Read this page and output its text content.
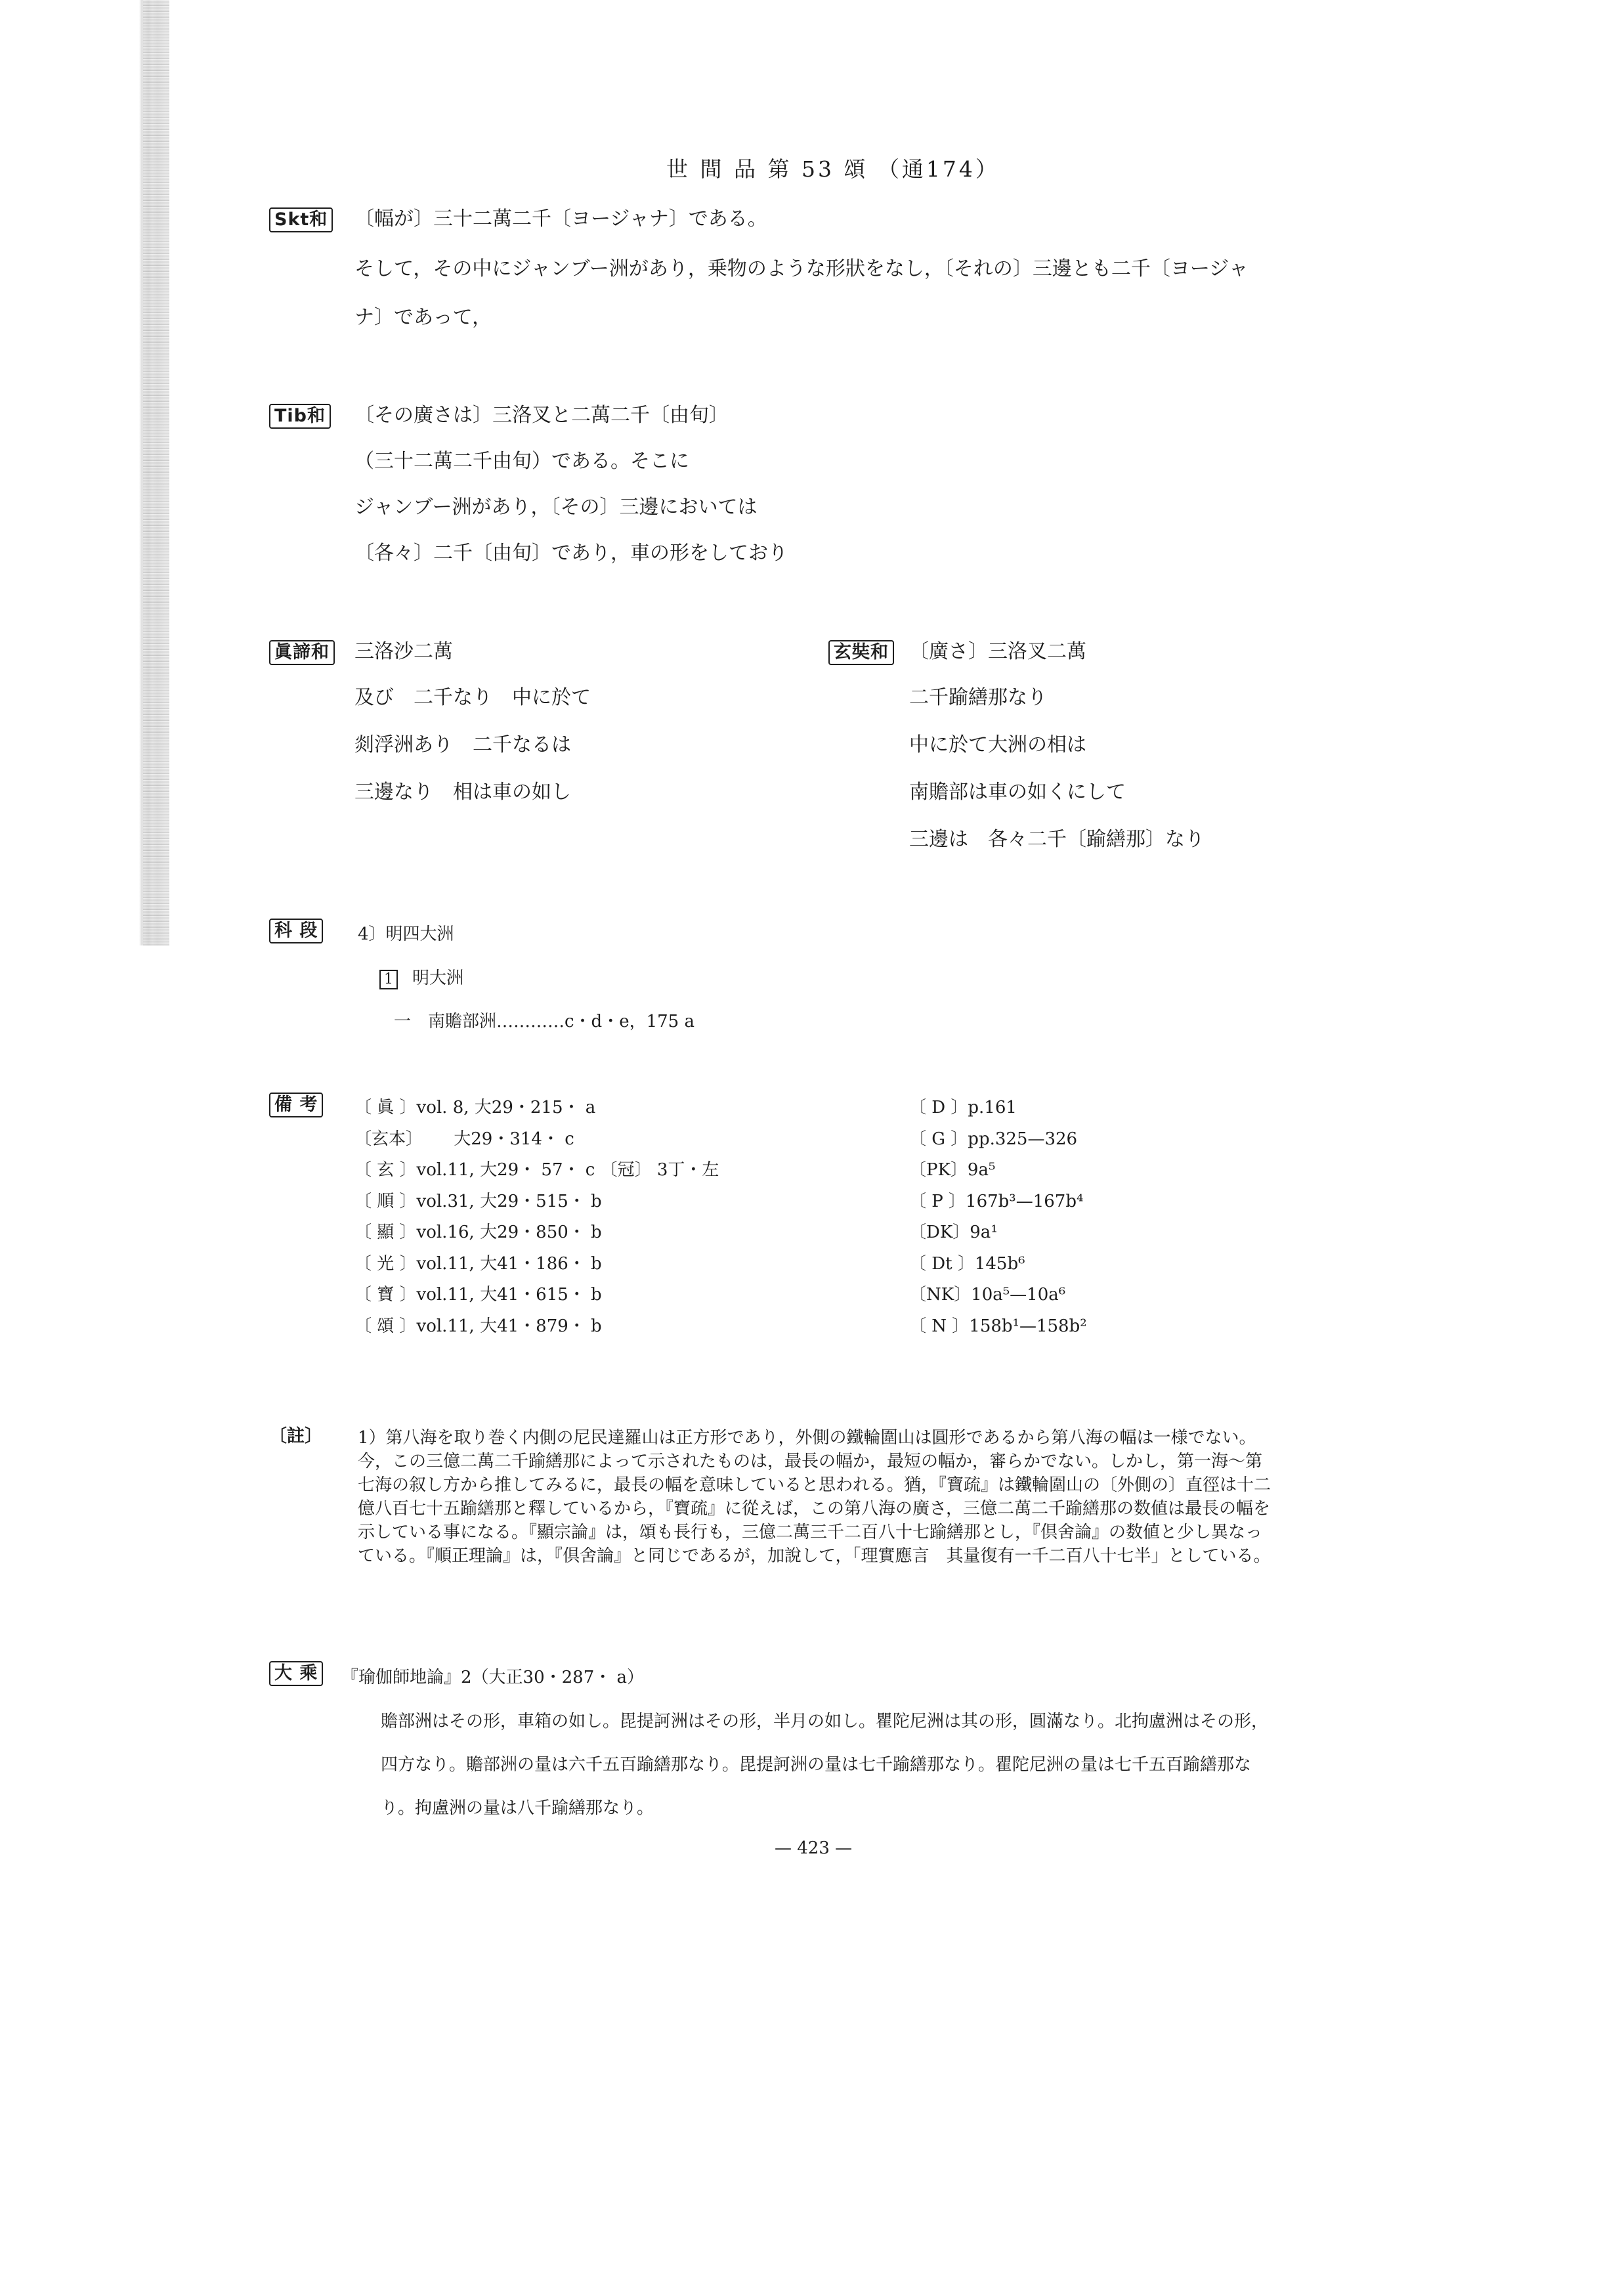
世 間 品 第 53 頌 （通174）
Skt和 〔幅が〕三十二萬二千〔ヨージャナ〕である。
そして，その中にジャンブー洲があり，乗物のような形狀をなし，〔それの〕三邊とも二千〔ヨージャ
ナ〕であって，
Tib和 〔その廣さは〕三洛叉と二萬二千〔由旬〕
（三十二萬二千由旬）である。そこに
ジャンブー洲があり，〔その〕三邊においては
〔各々〕二千〔由旬〕であり，車の形をしており
眞諦和 三洛沙二萬
及び　二千なり　中に於て
剡浮洲あり　二千なるは
三邊なり　相は車の如し
玄奘和 〔廣さ〕三洛叉二萬
二千踰繕那なり
中に於て大洲の相は
南贍部は車の如くにして
三邊は　各々二千〔踰繕那〕なり
科 段	4〕明四大洲
1 明大洲
一　南贍部洲…………c・d・e，175 a
備 考	〔 眞 〕vol. 8, 大29・215・ a
〔玄本〕　　 大29・314・ c
〔 玄 〕vol.11, 大29・ 57・ c 〔冠〕 3丁・左
〔 順 〕vol.31, 大29・515・ b
〔 顯 〕vol.16, 大29・850・ b
〔 光 〕vol.11, 大41・186・ b
〔 寶 〕vol.11, 大41・615・ b
〔 頌 〕vol.11, 大41・879・ b
〔 D 〕p.161
〔 G 〕pp.325—326
〔PK〕9a⁵
〔 P 〕167b³—167b⁴
〔DK〕9a¹
〔 Dt 〕145b⁶
〔NK〕10a⁵—10a⁶
〔 N 〕158b¹—158b²
〔註〕 1）第八海を取り巻く内側の尼民達羅山は正方形であり，外側の鐵輪圍山は圓形であるから第八海の幅は一様でない。
今，この三億二萬二千踰繕那によって示されたものは，最長の幅か，最短の幅か，審らかでない。しかし，第一海～第
七海の叙し方から推してみるに，最長の幅を意味していると思われる。猶，『寶疏』は鐵輪圍山の〔外側の〕直徑は十二
億八百七十五踰繕那と釋しているから，『寶疏』に從えば，この第八海の廣さ，三億二萬二千踰繕那の数値は最長の幅を
示している事になる。『顯宗論』は，頌も長行も，三億二萬三千二百八十七踰繕那とし，『倶舍論』の数値と少し異なっ
ている。『順正理論』は，『倶舍論』と同じであるが，加說して，「理實應言　其量復有一千二百八十七半」としている。
大 乘	『瑜伽師地論』2（大正30・287・ a）
贍部洲はその形，車箱の如し。毘提訶洲はその形，半月の如し。瞿陀尼洲は其の形，圓滿なり。北拘盧洲はその形，
四方なり。贍部洲の量は六千五百踰繕那なり。毘提訶洲の量は七千踰繕那なり。瞿陀尼洲の量は七千五百踰繕那な
り。拘盧洲の量は八千踰繕那なり。
— 423 —
